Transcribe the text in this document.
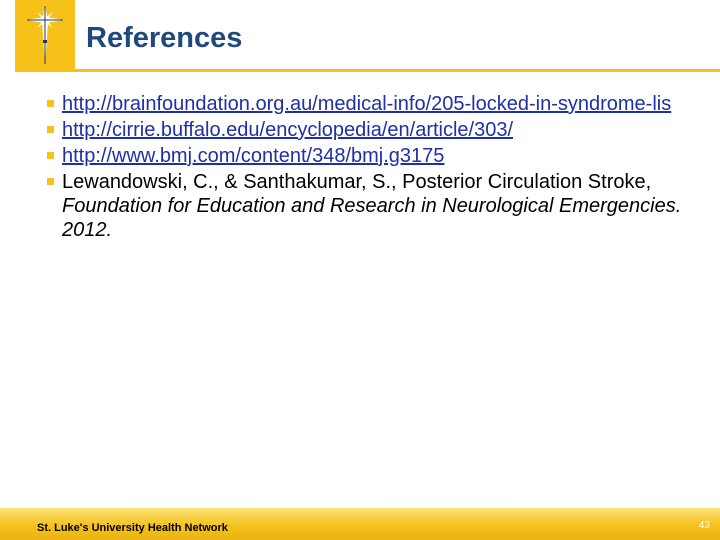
References
http://brainfoundation.org.au/medical-info/205-locked-in-syndrome-lis
http://cirrie.buffalo.edu/encyclopedia/en/article/303/
http://www.bmj.com/content/348/bmj.g3175
Lewandowski, C., & Santhakumar, S., Posterior Circulation Stroke, Foundation for Education and Research in Neurological Emergencies. 2012.
St. Luke's University Health Network	43
